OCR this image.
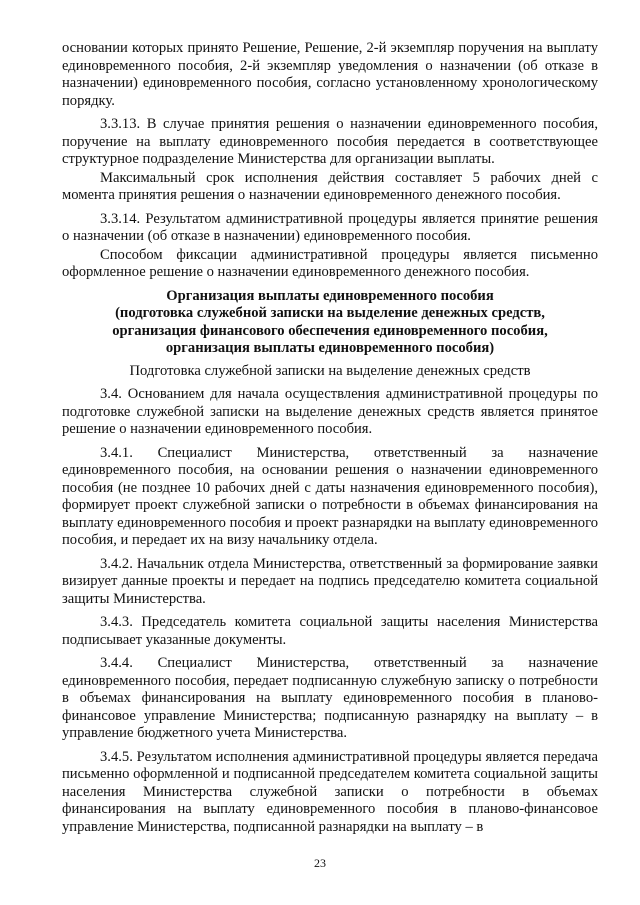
основании которых принято Решение, Решение, 2-й экземпляр поручения на выплату единовременного пособия, 2-й экземпляр уведомления о назначении (об отказе в назначении) единовременного пособия, согласно установленному хронологическому порядку.

3.3.13. В случае принятия решения о назначении единовременного пособия, поручение на выплату единовременного пособия передается в соответствующее структурное подразделение Министерства для организации выплаты.

Максимальный срок исполнения действия составляет 5 рабочих дней с момента принятия решения о назначении единовременного денежного пособия.

3.3.14. Результатом административной процедуры является принятие решения о назначении (об отказе в назначении) единовременного пособия.

Способом фиксации административной процедуры является письменно оформленное решение о назначении единовременного денежного пособия.

Организация выплаты единовременного пособия
(подготовка служебной записки на выделение денежных средств,
организация финансового обеспечения единовременного пособия,
организация выплаты единовременного пособия)

Подготовка служебной записки на выделение денежных средств

3.4. Основанием для начала осуществления административной процедуры по подготовке служебной записки на выделение денежных средств является принятое решение о назначении единовременного пособия.

3.4.1. Специалист Министерства, ответственный за назначение единовременного пособия, на основании решения о назначении единовременного пособия (не позднее 10 рабочих дней с даты назначения единовременного пособия), формирует проект служебной записки о потребности в объемах финансирования на выплату единовременного пособия и проект разнарядки на выплату единовременного пособия, и передает их на визу начальнику отдела.

3.4.2. Начальник отдела Министерства, ответственный за формирование заявки визирует данные проекты и передает на подпись председателю комитета социальной защиты Министерства.

3.4.3. Председатель комитета социальной защиты населения Министерства подписывает указанные документы.

3.4.4. Специалист Министерства, ответственный за назначение единовременного пособия, передает подписанную служебную записку о потребности в объемах финансирования на выплату единовременного пособия в планово-финансовое управление Министерства; подписанную разнарядку на выплату – в управление бюджетного учета Министерства.

3.4.5. Результатом исполнения административной процедуры является передача письменно оформленной и подписанной председателем комитета социальной защиты населения Министерства служебной записки о потребности в объемах финансирования на выплату единовременного пособия в планово-финансовое управление Министерства, подписанной разнарядки на выплату – в

23
